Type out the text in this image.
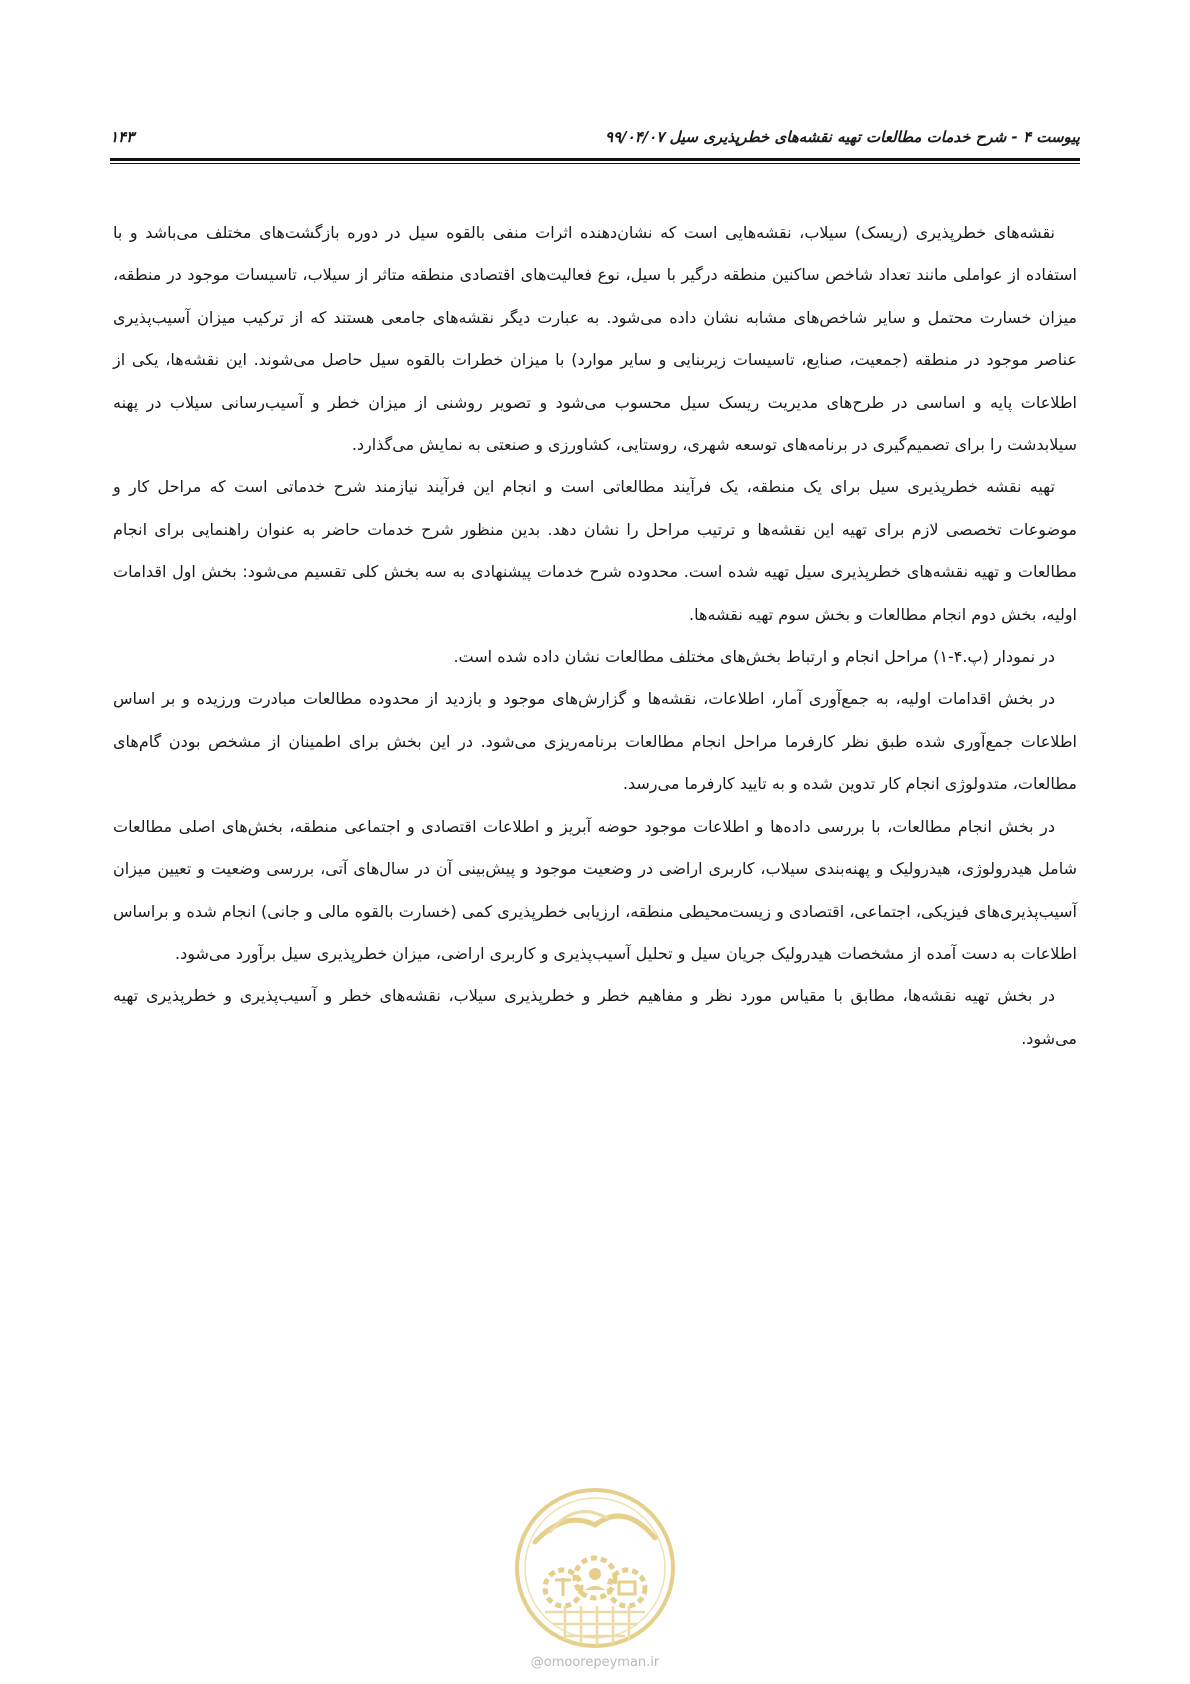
پیوست ۴ - شرح خدمات مطالعات تهیه نقشه‌های خطرپذیری سیل ۹۹/۰۴/۰۷
۱۴۳

نقشه‌های خطرپذیری (ریسک) سیلاب، نقشه‌هایی است که نشان‌دهنده اثرات منفی بالقوه سیل در دوره بازگشت‌های مختلف می‌باشد و با استفاده از عواملی مانند تعداد شاخص ساکنین منطقه درگیر با سیل، نوع فعالیت‌های اقتصادی منطقه متاثر از سیلاب، تاسیسات موجود در منطقه، میزان خسارت محتمل و سایر شاخص‌های مشابه نشان داده می‌شود. به عبارت دیگر نقشه‌های جامعی هستند که از ترکیب میزان آسیب‌پذیری عناصر موجود در منطقه (جمعیت، صنایع، تاسیسات زیربنایی و سایر موارد) با میزان خطرات بالقوه سیل حاصل می‌شوند. این نقشه‌ها، یکی از اطلاعات پایه و اساسی در طرح‌های مدیریت ریسک سیل محسوب می‌شود و تصویر روشنی از میزان خطر و آسیب‌رسانی سیلاب در پهنه سیلابدشت را برای تصمیم‌گیری در برنامه‌های توسعه شهری، روستایی، کشاورزی و صنعتی به نمایش می‌گذارد.

تهیه نقشه خطرپذیری سیل برای یک منطقه، یک فرآیند مطالعاتی است و انجام این فرآیند نیازمند شرح خدماتی است که مراحل کار و موضوعات تخصصی لازم برای تهیه این نقشه‌ها و ترتیب مراحل را نشان دهد. بدین منظور شرح خدمات حاضر به عنوان راهنمایی برای انجام مطالعات و تهیه نقشه‌های خطرپذیری سیل تهیه شده است. محدوده شرح خدمات پیشنهادی به سه بخش کلی تقسیم می‌شود: بخش اول اقدامات اولیه، بخش دوم انجام مطالعات و بخش سوم تهیه نقشه‌ها.

در نمودار (پ.۴-۱) مراحل انجام و ارتباط بخش‌های مختلف مطالعات نشان داده شده است.

در بخش اقدامات اولیه، به جمع‌آوری آمار، اطلاعات، نقشه‌ها و گزارش‌های موجود و بازدید از محدوده مطالعات مبادرت ورزیده و بر اساس اطلاعات جمع‌آوری شده طبق نظر کارفرما مراحل انجام مطالعات برنامه‌ریزی می‌شود. در این بخش برای اطمینان از مشخص بودن گام‌های مطالعات، متدولوژی انجام کار تدوین شده و به تایید کارفرما می‌رسد.

در بخش انجام مطالعات، با بررسی داده‌ها و اطلاعات موجود حوضه آبریز و اطلاعات اقتصادی و اجتماعی منطقه، بخش‌های اصلی مطالعات شامل هیدرولوژی، هیدرولیک و پهنه‌بندی سیلاب، کاربری اراضی در وضعیت موجود و پیش‌بینی آن در سال‌های آتی، بررسی وضعیت و تعیین میزان آسیب‌پذیری‌های فیزیکی، اجتماعی، اقتصادی و زیست‌محیطی منطقه، ارزیابی خطرپذیری کمی (خسارت بالقوه مالی و جانی) انجام شده و براساس اطلاعات به دست آمده از مشخصات هیدرولیک جریان سیل و تحلیل آسیب‌پذیری و کاربری اراضی، میزان خطرپذیری سیل برآورد می‌شود.

در بخش تهیه نقشه‌ها، مطابق با مقیاس مورد نظر و مفاهیم خطر و خطرپذیری سیلاب، نقشه‌های خطر و آسیب‌پذیری و خطرپذیری تهیه می‌شود.

@omoorepeyman.ir
